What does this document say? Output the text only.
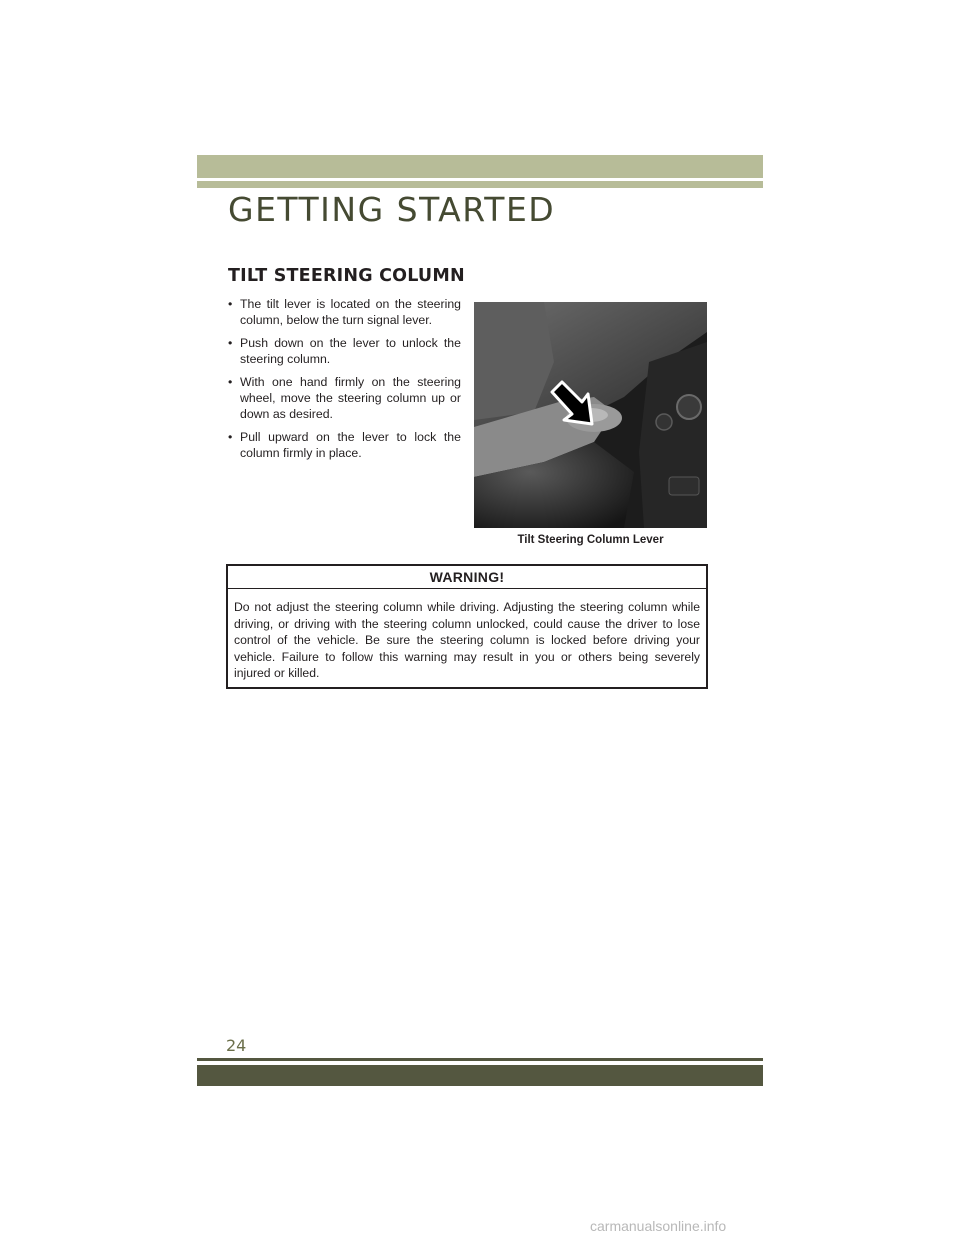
GETTING STARTED
TILT STEERING COLUMN
• The tilt lever is located on the steering column, below the turn signal lever.
• Push down on the lever to unlock the steering column.
• With one hand firmly on the steering wheel, move the steering column up or down as desired.
• Pull upward on the lever to lock the column firmly in place.
Tilt Steering Column Lever
WARNING!
Do not adjust the steering column while driving. Adjusting the steering column while driving, or driving with the steering column unlocked, could cause the driver to lose control of the vehicle. Be sure the steering column is locked before driving your vehicle. Failure to follow this warning may result in you or others being severely injured or killed.
24
carmanualsonline.info
